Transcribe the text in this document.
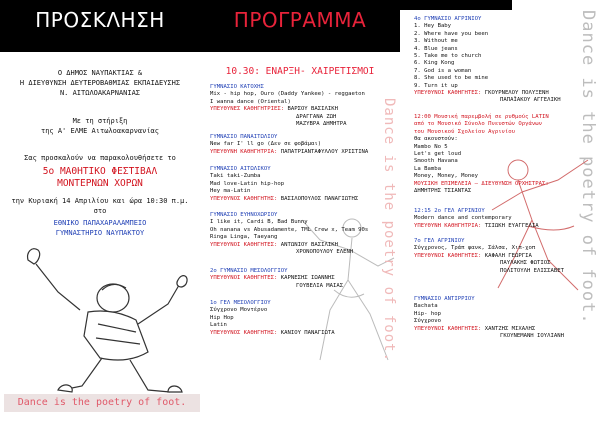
ΠΡΟΣΚΛΗΣΗ
Ο ΔΗΜΟΣ ΝΑΥΠΑΚΤΙΑΣ &
Η ΔΙΕΥΘΥΝΣΗ ΔΕΥΤΕΡΟΒΑΘΜΙΑΣ ΕΚΠΑΙΔΕΥΣΗΣ
Ν. ΑΙΤΩΛΟΑΚΑΡΝΑΝΙΑΣ
Με τη στήριξη
της Α' ΕΛΜΕ Αιτωλοακαρνανίας
Σας προσκαλούν να παρακολουθήσετε το
5ο ΜΑΘΗΤΙΚΟ ΦΕΣΤΙΒΑΛ
ΜΟΝΤΕΡΝΩΝ ΧΟΡΩΝ
την Κυριακή 14 Απριλίου και ώρα 10:30 π.μ.
στο
ΕΘΝΙΚΟ ΠΑΠΑΧΑΡΑΛΑΜΠΕΙΟ
ΓΥΜΝΑΣΤΗΡΙΟ ΝΑΥΠΑΚΤΟΥ
Dance is the poetry of foot.
ΠΡΟΓΡΑΜΜΑ
10.30: ΕΝΑΡΞΗ- ΧΑΙΡΕΤΙΣΜΟΙ
Dance is the poetry of foot.
ΓΥΜΝΑΣΙΟ ΚΑΤΟΧΗΣ
Mix - hip hop, Ouro (Daddy Yankee) - reggaeton
I wanna dance (Oriental)
ΥΠΕΥΘΥΝΕΣ ΚΑΘΗΓΗΤΡΙΕΣ: ΒΑΡΣΟΥ ΒΑΣΙΛΙΚΗ
ΔΡΑΓΓΑΝΑ ΖΩΗ
ΜΑΖΥΒΡΑ ΔΗΜΗΤΡΑ
ΓΥΜΝΑΣΙΟ ΠΑΝΑΙΤΩΛΙΟΥ
New far I' ll go (Δεν σε φοβάμαι)
ΥΠΕΥΘΥΝΗ ΚΑΘΗΓΗΤΡΙΑ: ΠΑΠΑΤΡΙΑΝΤΑΦΥΛΛΟΥ ΧΡΙΣΤΙΝΑ
ΓΥΜΝΑΣΙΟ ΑΙΤΩΛΙΚΟΥ
Taki taki-Zumba
Mad love-Latin hip-hop
Hey ma-Latin
ΥΠΕΥΘΥΝΟΣ ΚΑΘΗΓΗΤΗΣ: ΒΑΣΙΛΟΠΟΥΛΟΣ ΠΑΝΑΓΙΩΤΗΣ
ΓΥΜΝΑΣΙΟ ΕΥΗΝΟΧΩΡΙΟΥ
I like it, Cardi B, Bad Bunny
Oh nanana vs Abusadamente, TML Crew x, Team 90s
Ringa Linga, Taeyang
ΥΠΕΥΘΥΝΟΙ ΚΑΘΗΓΗΤΕΣ: ΑΝΤΩΝΙΟΥ ΒΑΣΙΛΙΚΗ
ΧΡΟΝΟΠΟΥΛΟΥ ΕΛΕΝΗ
2ο ΓΥΜΝΑΣΙΟ ΜΕΣΟΛΟΓΓΙΟΥ
ΥΠΕΥΘΥΝΟΙ ΚΑΘΗΓΗΤΕΣ: ΚΑΡΝΕΣΗΣ ΙΩΑΝΝΗΣ
ΓΟΥΒΕΛΙΑ ΜΑΙΑΣ
1ο ΓΕΛ ΜΕΣΟΛΟΓΓΙΟΥ
Σύγχρονο Μοντέρνο
Hip Hop
Latin
ΥΠΕΥΘΥΝΟΣ ΚΑΘΗΓΗΤΗΣ: ΚΑΝΙΟΥ ΠΑΝΑΓΙΩΤΑ
Dance is the poetry of foot.
4ο ΓΥΜΝΑΣΙΟ ΑΓΡΙΝΙΟΥ
1. Hey Baby
2. Where have you been
3. Without me
4. Blue jeans
5. Take me to church
6. King Kong
7. God is a woman
8. She used to be mine
9. Turn it up
ΥΠΕΥΘΥΝΟΙ ΚΑΘΗΓΗΤΕΣ: ΓΚΟΥΡΝΕΛΟΥ ΠΟΛΥΞΕΝΗ
ΠΑΠΑΪΑΚΟΥ ΑΓΓΕΛΙΚΗ
12:00 Μουσική παρεμβολή σε ρυθμούς LATIN
από το Μουσικό Σύνολο Πνευστών Οργάνων
του Μουσικού Σχολείου Αγρινίου
Θα ακουστούν:
Mambo No 5
Let's get loud
Smooth Havana
La Bamba
Money, Money, Money
ΜΟΥΣΙΚΗ ΕΠΙΜΕΛΕΙΑ – ΔΙΕΥΘΥΝΣΗ ΟΡΧΗΣΤΡΑΣ:
ΔΗΜΗΤΡΗΣ ΤΣΙΑΝΤΑΣ
12:15 2ο ΓΕΛ ΑΓΡΙΝΙΟΥ
Modern dance and contemporary
ΥΠΕΥΘΥΝΗ ΚΑΘΗΓΗΤΡΙΑ: ΤΣΙΩΚΗ ΕΥΑΓΓΕΛΙΑ
7ο ΓΕΛ ΑΓΡΙΝΙΟΥ
Σύγχρονος, Tράπ φανκ, Σάλσα, Χιπ-χοπ
ΥΠΕΥΘΥΝΟΙ ΚΑΘΗΓΗΤΕΣ: ΚΑΦΑΛΗ ΓΕΩΡΓΙΑ
ΠΑΥΛΑΚΗΣ ΦΩΤΙΟΣ
ΠΟΛΙΤΟΥΛΗ ΕΛΙΣΣΑΒΕΤ
ΓΥΜΝΑΣΙΟ ΑΝΤΙΡΡΙΟΥ
Bachata
Hip- hop
Σύγχρονο
ΥΠΕΥΘΥΝΟΙ ΚΑΘΗΓΗΤΕΣ: ΧΑΝΤΖΗΣ ΜΙΧΑΛΗΣ
ΓΚΟΥΝΕΜΑΝΗ ΙΟΥΛΙΑΝΗ
